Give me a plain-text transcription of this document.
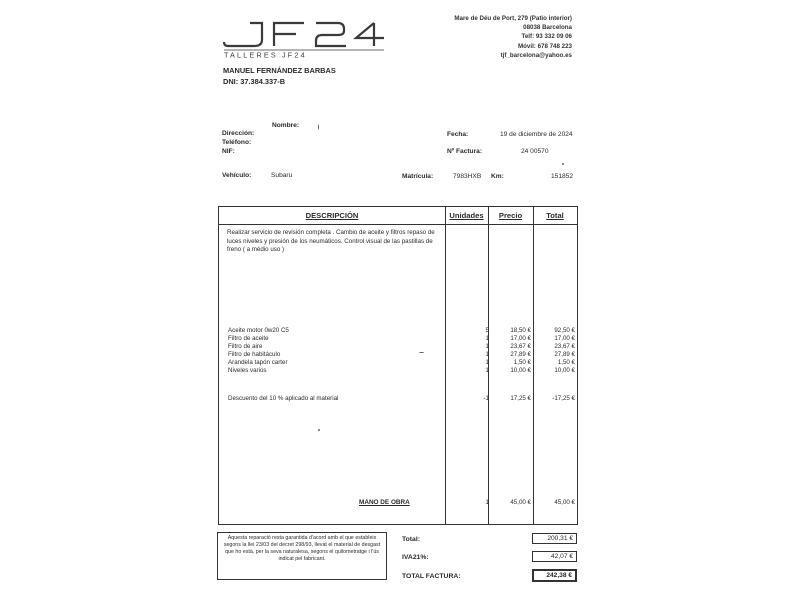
TALLERES JF24
Mare de Déu de Port, 279 (Patio interior)
08038 Barcelona
Telf: 93 332 09 06
Móvil: 678 748 223
tjf_barcelona@yahoo.es
MANUEL FERNÁNDEZ BARBAS
DNI: 37.384.337-B
Nombre:
Dirección:
Teléfono:
NIF:
Fecha:	19 de diciembre de 2024
Nº Factura:	24 00570
Vehículo:	Subaru	Matrícula:	7983HXB Km:	151852
DESCRIPCIÓN	Unidades	Precio	Total
Realizar servicio de revisión completa . Cambio de aceite y filtros repaso de luces niveles y presión de los neumáticos. Control visual de las pastillas de freno ( a médio uso )
Aceite motor 0w20 C5	5	18,50 €	92,50 €
Filtro de aceite	1	17,00 €	17,00 €
Filtro de aire	1	23,67 €	23,67 €
Filtro de habitáculo	1	27,89 €	27,89 €
Arandela tapón carter	1	1,50 €	1,50 €
Niveles varios	1	10,00 €	10,00 €
Descuento del 10 % aplicado al material	-1	17,25 €	-17,25 €
MANO DE OBRA	1	45,00 €	45,00 €
Aquesta reparació resta garantida d'acord amb el que estableix segons la llei 23/03 del decret 298/93, llevat el material de desgast que ho està, per la seva naturalesa, segons el quilometratge i l'ús indicat pel fabricant.
Total:	200,31 €
IVA21%:	42,07 €
TOTAL FACTURA:	242,38 €
